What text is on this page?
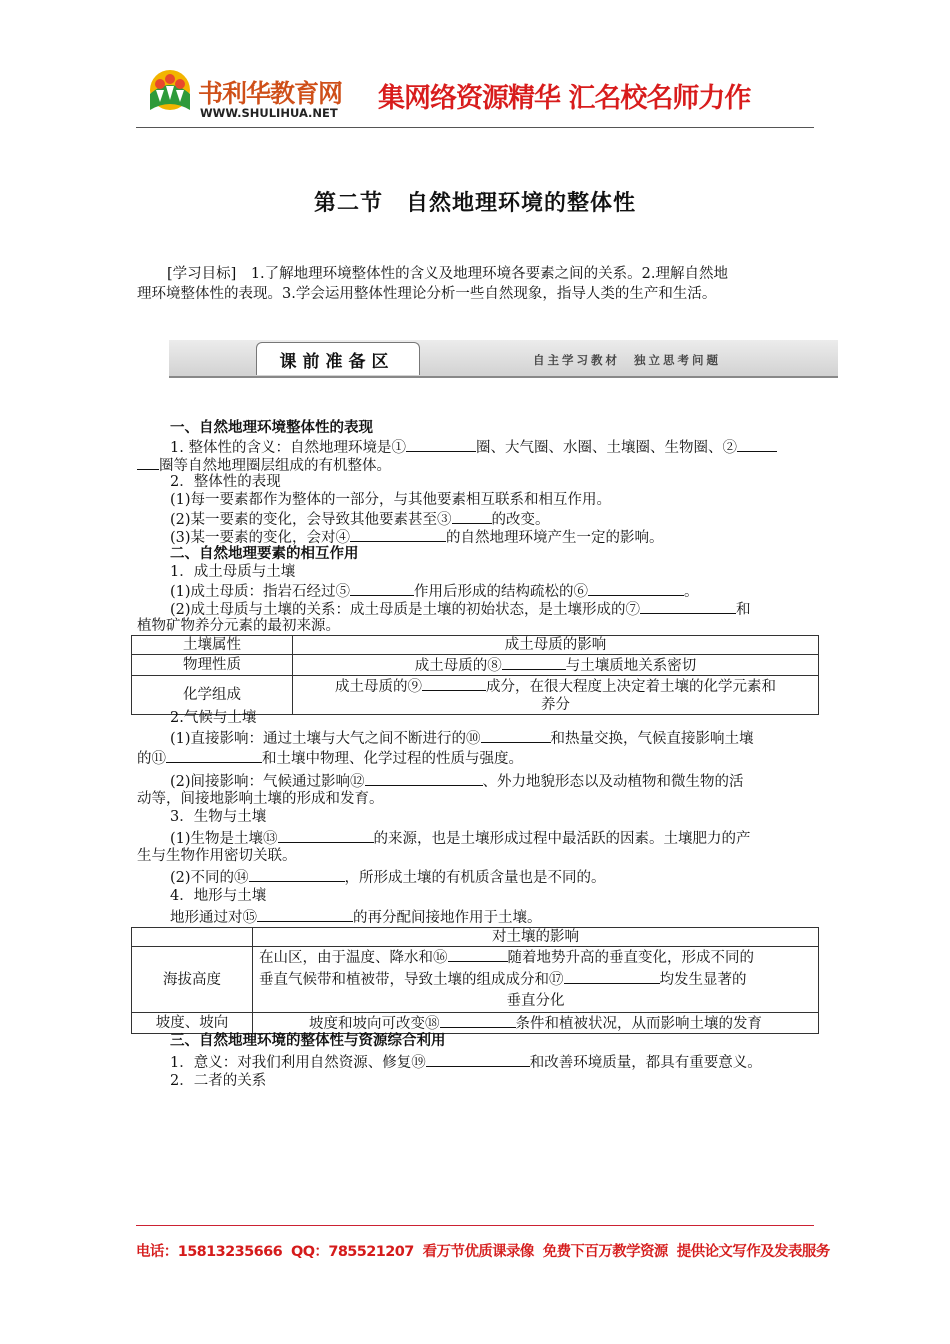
书利华教育网
WWW.SHULIHUA.NET 集网络资源精华 汇名校名师力作
第二节　自然地理环境的整体性
[学习目标]　1.了解地理环境整体性的含义及地理环境各要素之间的关系。2.理解自然地
理环境整体性的表现。3.学会运用整体性理论分析一些自然现象，指导人类的生产和生活。
课前准备区	自主学习教材  独立思考问题
一、自然地理环境整体性的表现
1. 整体性的含义：自然地理环境是①	圈、大气圈、水圈、土壤圈、生物圈、②
圈等自然地理圈层组成的有机整体。
2．整体性的表现
(1)每一要素都作为整体的一部分，与其他要素相互联系和相互作用。
(2)某一要素的变化，会导致其他要素甚至③	的改变。
(3)某一要素的变化，会对④	的自然地理环境产生一定的影响。
二、自然地理要素的相互作用
1．成土母质与土壤
(1)成土母质：指岩石经过⑤	作用后形成的结构疏松的⑥	。
(2)成土母质与土壤的关系：成土母质是土壤的初始状态，是土壤形成的⑦	和
植物矿物养分元素的最初来源。
土壤属性	成土母质的影响
物理性质	成土母质的⑧ 与土壤质地关系密切
化学组成	成土母质的⑨ 成分，在很大程度上决定着土壤的化学元素和
养分
2.气候与土壤
(1)直接影响：通过土壤与大气之间不断进行的⑩	和热量交换，气候直接影响土壤
的⑪	和土壤中物理、化学过程的性质与强度。
(2)间接影响：气候通过影响⑫	、外力地貌形态以及动植物和微生物的活
动等，间接地影响土壤的形成和发育。
3．生物与土壤
(1)生物是土壤⑬	的来源，也是土壤形成过程中最活跃的因素。土壤肥力的产
生与生物作用密切关联。
(2)不同的⑭	，所形成土壤的有机质含量也是不同的。
4．地形与土壤
地形通过对⑮	的再分配间接地作用于土壤。
	对土壤的影响
海拔高度	在山区，由于温度、降水和⑯ 随着地势升高的垂直变化，形成不同的
垂直气候带和植被带，导致土壤的组成成分和⑰ 均发生显著的
垂直分化

坡度、坡向	坡度和坡向可改变⑱ 条件和植被状况，从而影响土壤的发育
三、自然地理环境的整体性与资源综合利用
1．意义：对我们利用自然资源、修复⑲	和改善环境质量，都具有重要意义。
2．二者的关系
电话：15813235666  QQ：785521207  看万节优质课录像  免费下百万教学资源  提供论文写作及发表服务
